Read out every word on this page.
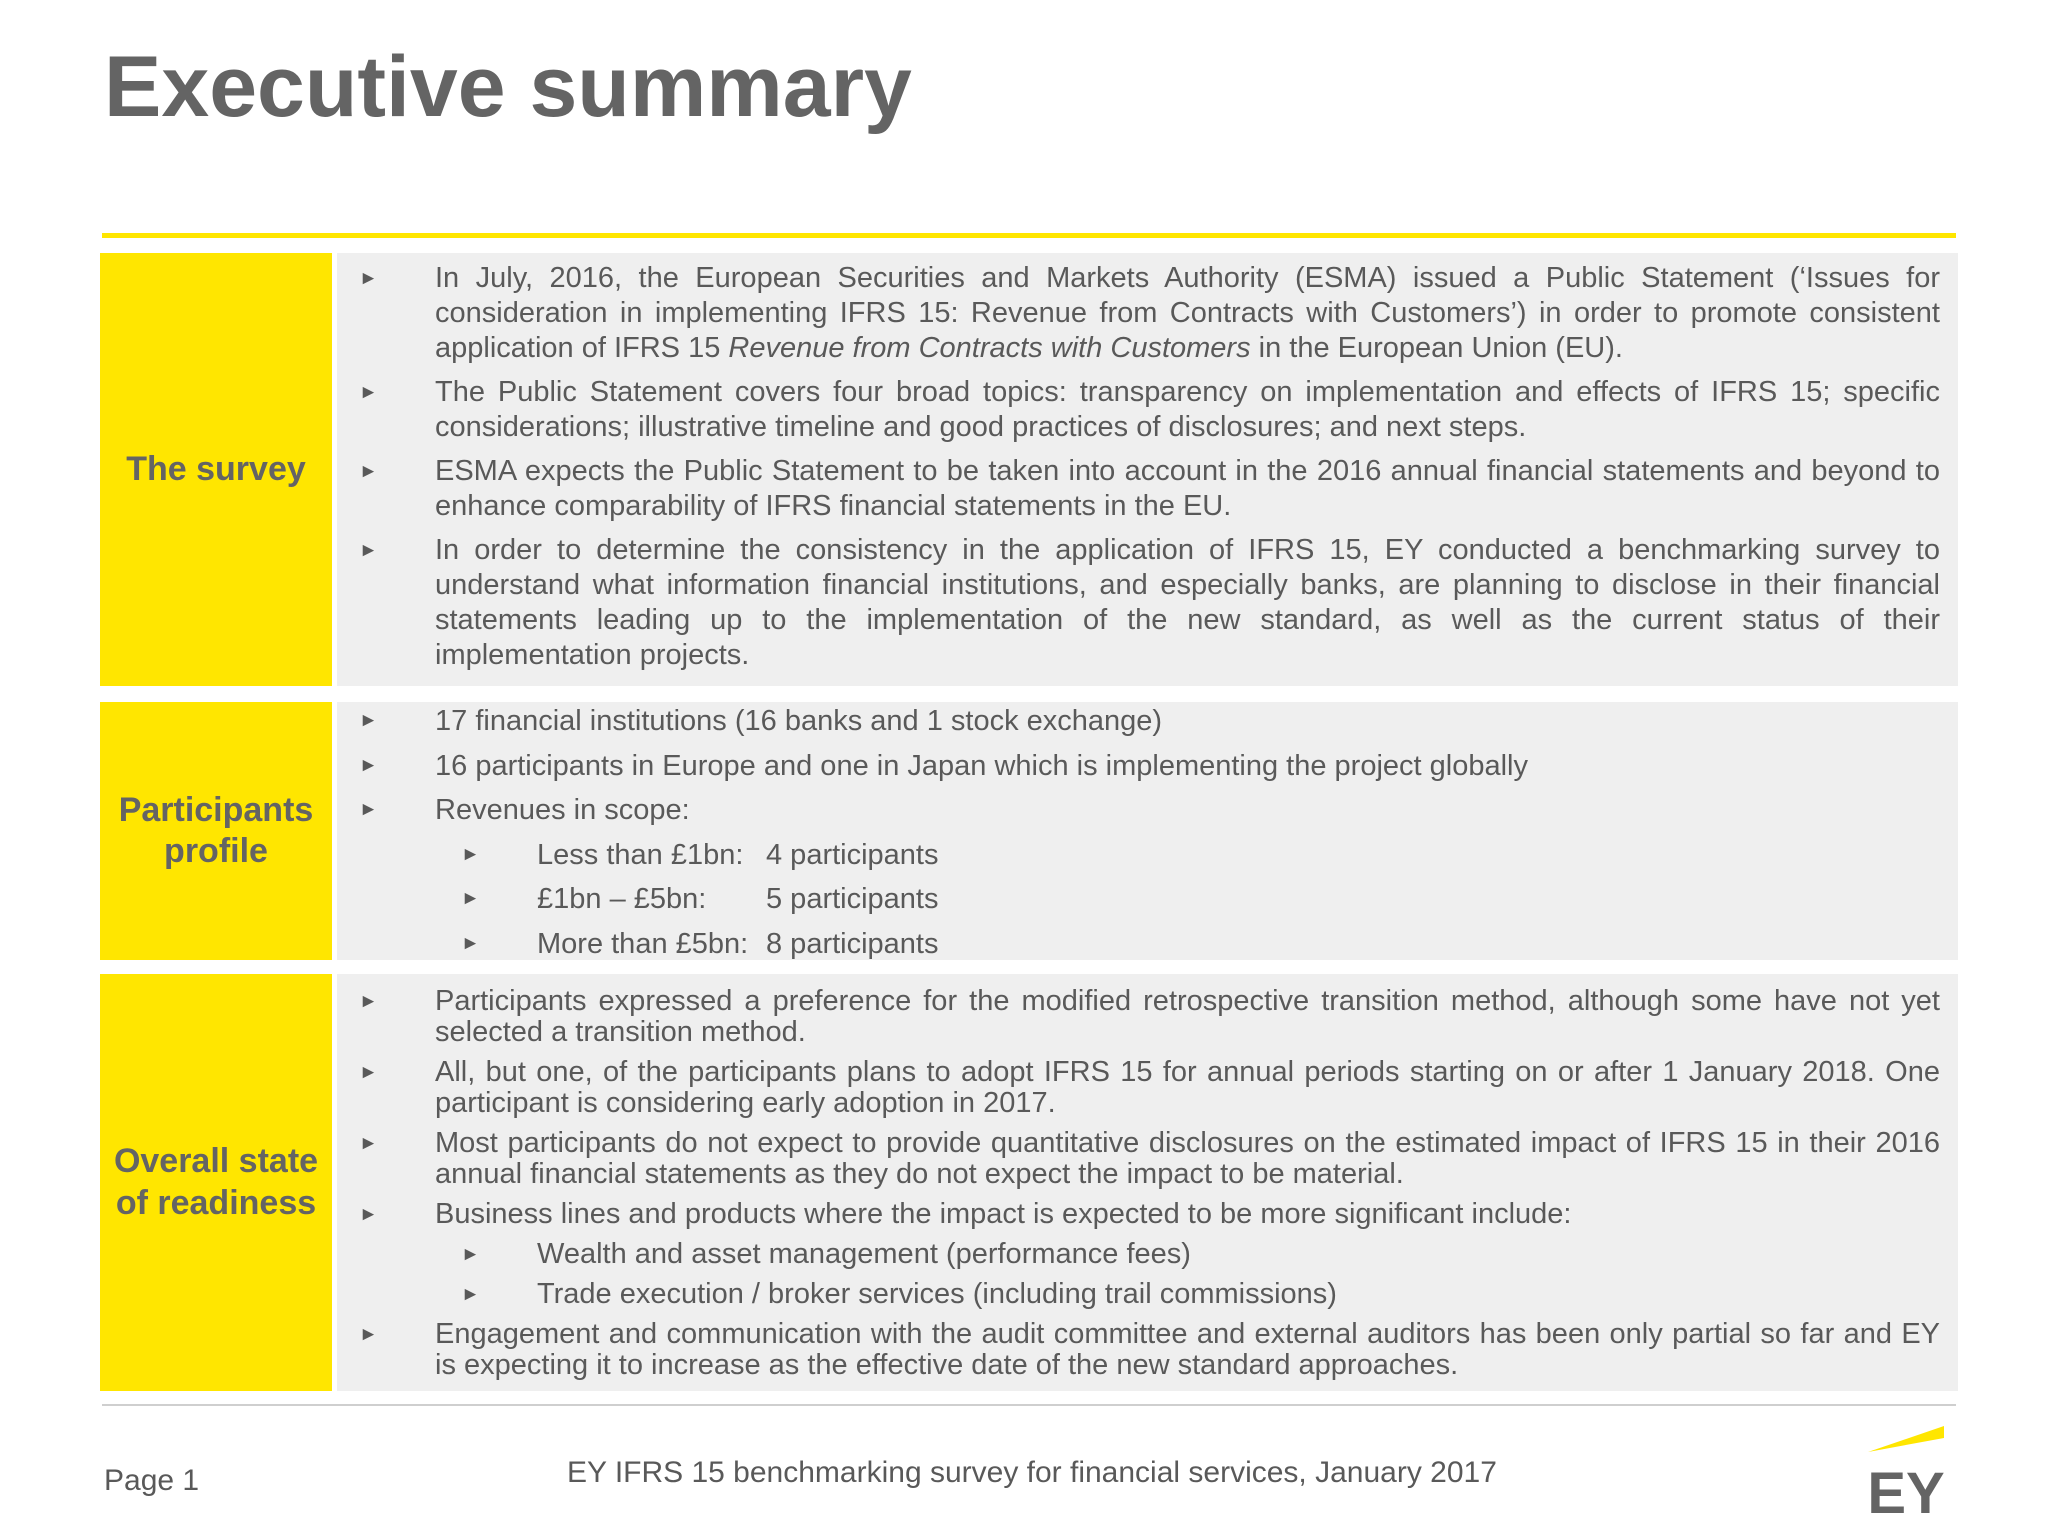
Executive summary
The survey
► In July, 2016, the European Securities and Markets Authority (ESMA) issued a Public Statement (‘Issues for consideration in implementing IFRS 15: Revenue from Contracts with Customers’) in order to promote consistent application of IFRS 15 Revenue from Contracts with Customers in the European Union (EU).
► The Public Statement covers four broad topics: transparency on implementation and effects of IFRS 15; specific considerations; illustrative timeline and good practices of disclosures; and next steps.
► ESMA expects the Public Statement to be taken into account in the 2016 annual financial statements and beyond to enhance comparability of IFRS financial statements in the EU.
► In order to determine the consistency in the application of IFRS 15, EY conducted a benchmarking survey to understand what information financial institutions, and especially banks, are planning to disclose in their financial statements leading up to the implementation of the new standard, as well as the current status of their implementation projects.
Participants profile
► 17 financial institutions (16 banks and 1 stock exchange)
► 16 participants in Europe and one in Japan which is implementing the project globally
► Revenues in scope:
► Less than £1bn: 4 participants
► £1bn – £5bn: 5 participants
► More than £5bn: 8 participants
Overall state of readiness
► Participants expressed a preference for the modified retrospective transition method, although some have not yet selected a transition method.
► All, but one, of the participants plans to adopt IFRS 15 for annual periods starting on or after 1 January 2018. One participant is considering early adoption in 2017.
► Most participants do not expect to provide quantitative disclosures on the estimated impact of IFRS 15 in their 2016 annual financial statements as they do not expect the impact to be material.
► Business lines and products where the impact is expected to be more significant include:
► Wealth and asset management (performance fees)
► Trade execution / broker services (including trail commissions)
► Engagement and communication with the audit committee and external auditors has been only partial so far and EY is expecting it to increase as the effective date of the new standard approaches.
Page 1	EY IFRS 15 benchmarking survey for financial services, January 2017	EY
